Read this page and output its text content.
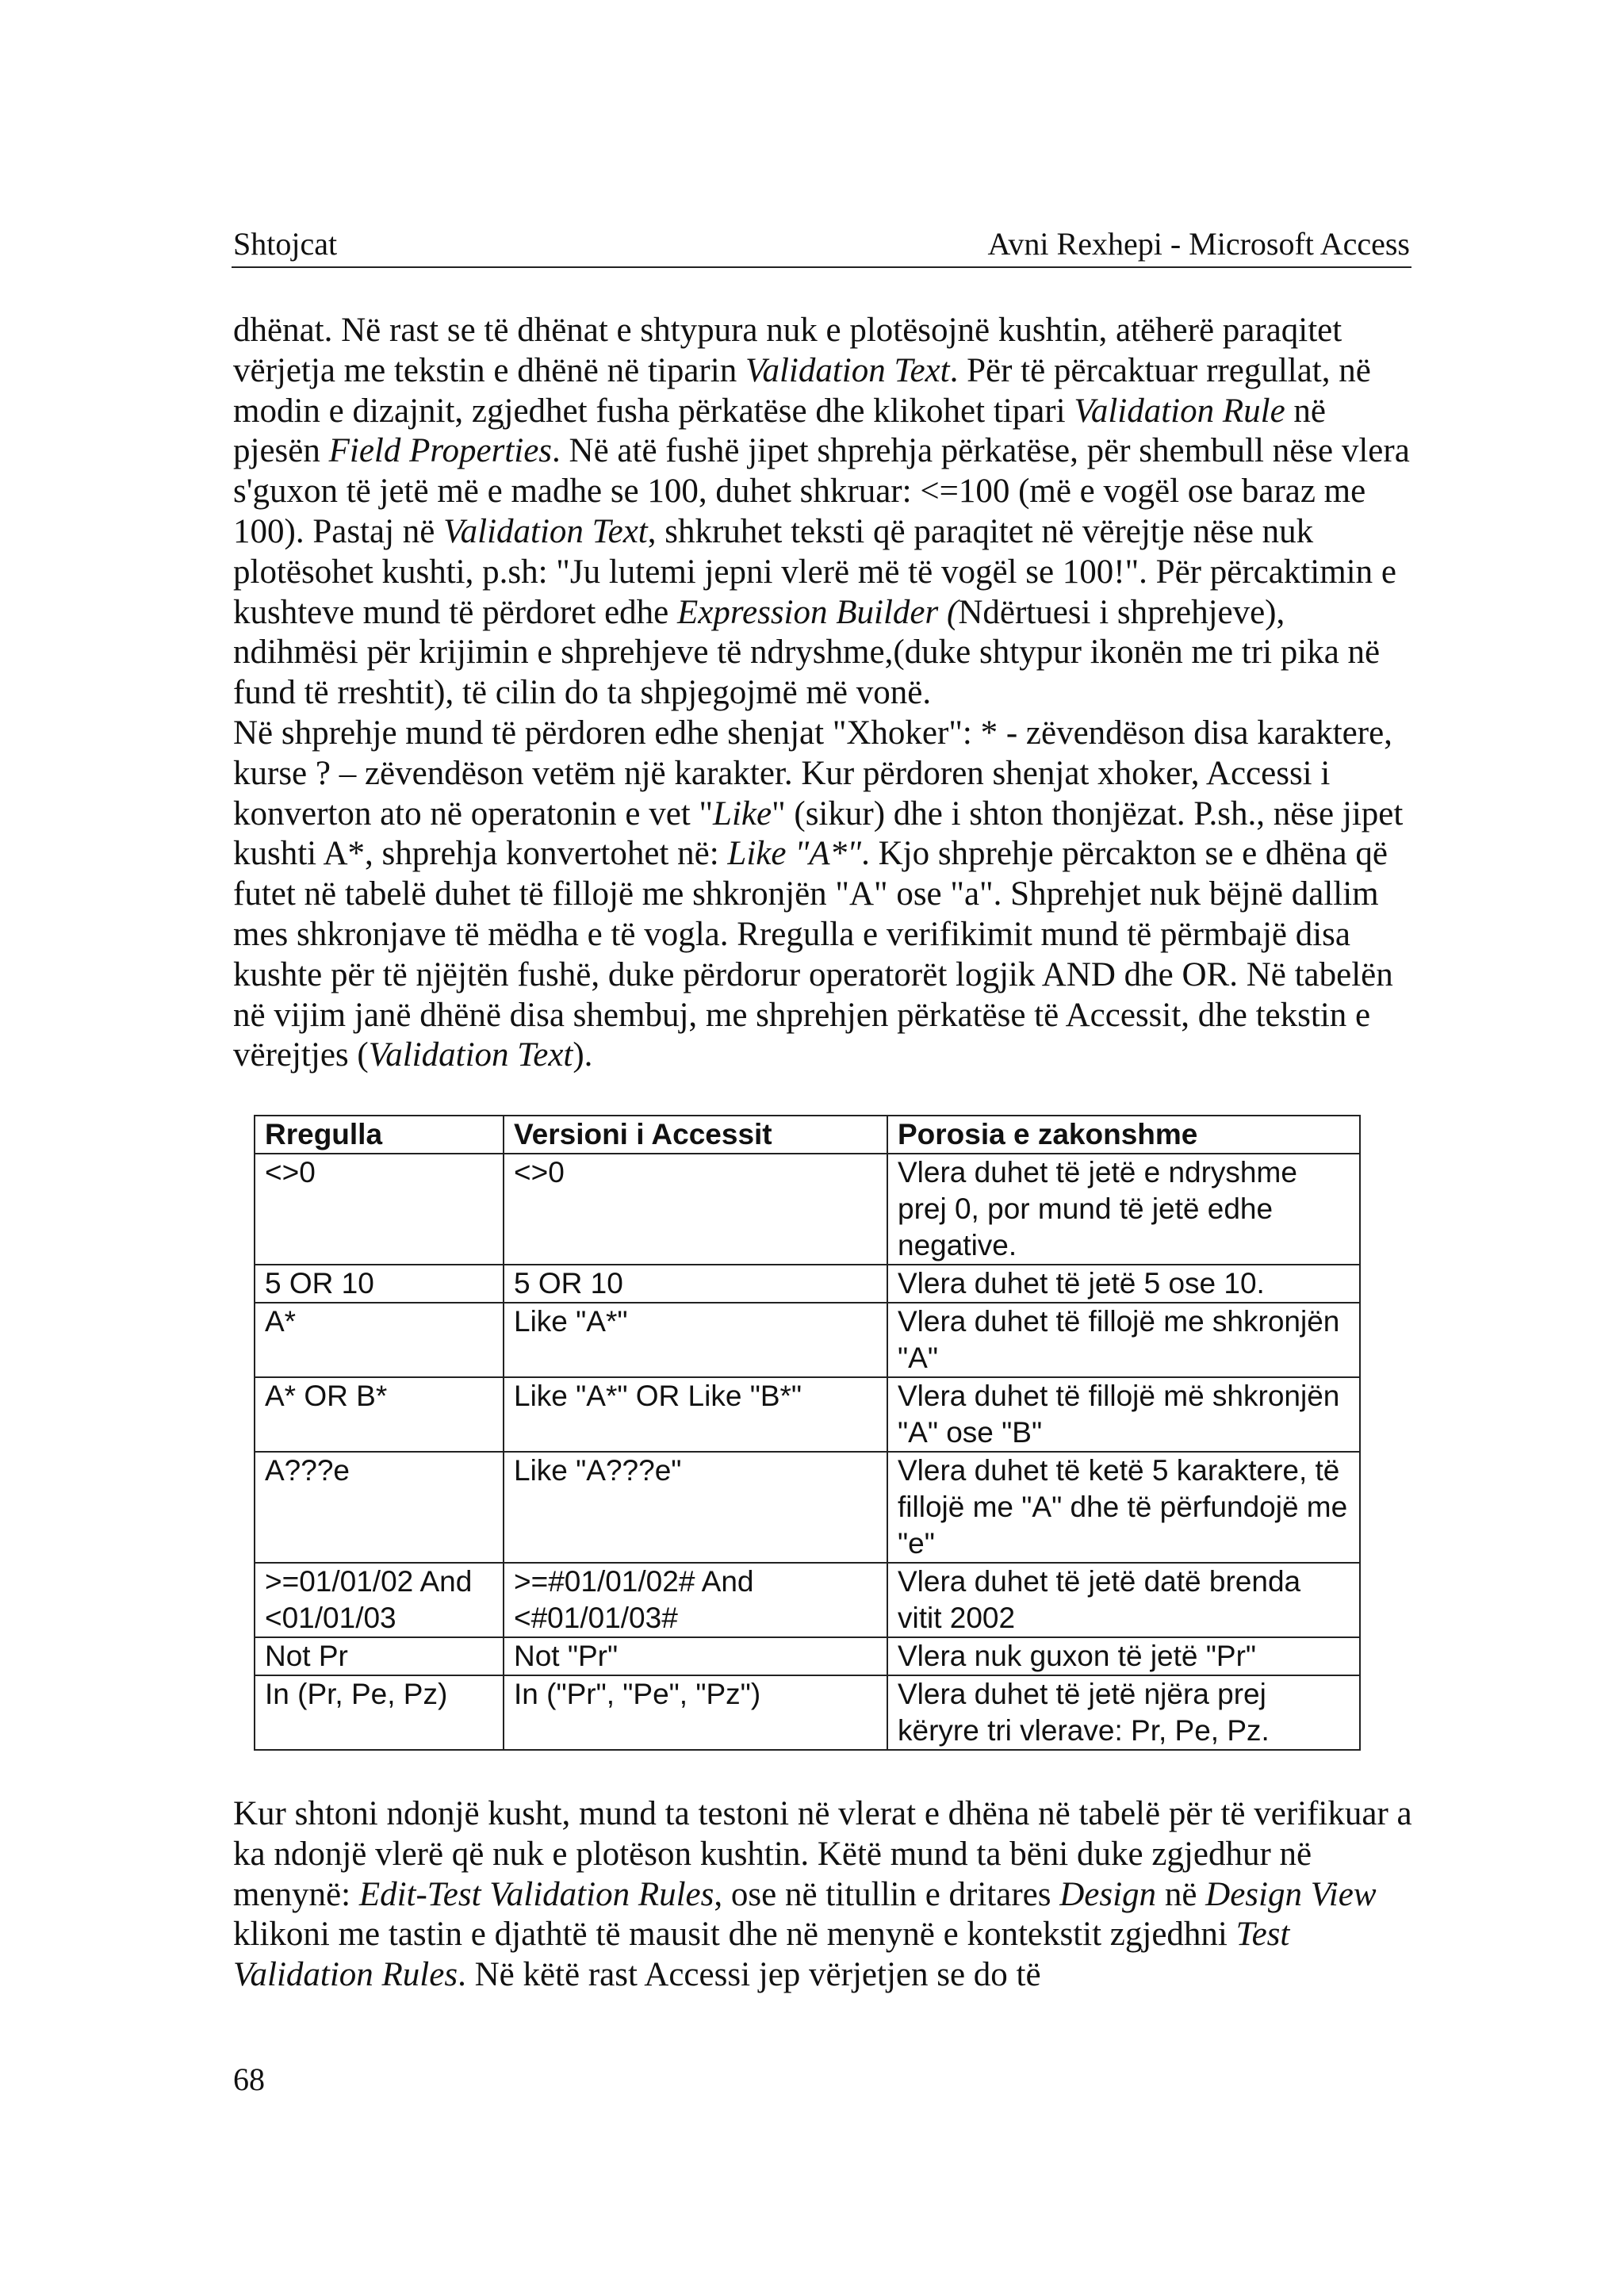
Shtojcat	Avni Rexhepi - Microsoft Access

dhënat. Në rast se të dhënat e shtypura nuk e plotësojnë kushtin, atëherë paraqitet vërjetja me tekstin e dhënë në tiparin Validation Text. Për të përcaktuar rregullat, në modin e dizajnit, zgjedhet fusha përkatëse dhe klikohet tipari Validation Rule në pjesën Field Properties. Në atë fushë jipet shprehja përkatëse, për shembull nëse vlera s'guxon të jetë më e madhe se 100, duhet shkruar: <=100 (më e vogël ose baraz me 100). Pastaj në Validation Text, shkruhet teksti që paraqitet në vërejtje nëse nuk plotësohet kushti, p.sh: "Ju lutemi jepni vlerë më të vogël se 100!". Për përcaktimin e kushteve mund të përdoret edhe Expression Builder (Ndërtuesi i shprehjeve), ndihmësi për krijimin e shprehjeve të ndryshme,(duke shtypur ikonën me tri pika në fund të rreshtit), të cilin do ta shpjegojmë më vonë.

Në shprehje mund të përdoren edhe shenjat "Xhoker": * - zëvendëson disa karaktere, kurse ? – zëvendëson vetëm një karakter. Kur përdoren shenjat xhoker, Accessi i konverton ato në operatonin e vet "Like" (sikur) dhe i shton thonjëzat. P.sh., nëse jipet kushti A*, shprehja konvertohet në: Like "A*". Kjo shprehje përcakton se e dhëna që futet në tabelë duhet të fillojë me shkronjën "A" ose "a". Shprehjet nuk bëjnë dallim mes shkronjave të mëdha e të vogla. Rregulla e verifikimit mund të përmbajë disa kushte për të njëjtën fushë, duke përdorur operatorët logjik AND dhe OR. Në tabelën në vijim janë dhënë disa shembuj, me shprehjen përkatëse të Accessit, dhe tekstin e vërejtjes (Validation Text).

Rregulla	Versioni i Accessit	Porosia e zakonshme
<>0	<>0	Vlera duhet të jetë e ndryshme prej 0, por mund të jetë edhe negative.
5 OR 10	5 OR 10	Vlera duhet të jetë 5 ose 10.
A*	Like "A*"	Vlera duhet të fillojë me shkronjën "A"
A* OR B*	Like "A*" OR Like "B*"	Vlera duhet të fillojë më shkronjën "A" ose "B"
A???e	Like "A???e"	Vlera duhet të ketë 5 karaktere, të fillojë me "A" dhe të përfundojë me "e"
>=01/01/02 And <01/01/03	>=#01/01/02# And <#01/01/03#	Vlera duhet të jetë datë brenda vitit 2002
Not Pr	Not "Pr"	Vlera nuk guxon të jetë "Pr"
In (Pr, Pe, Pz)	In ("Pr", "Pe", "Pz")	Vlera duhet të jetë njëra prej këryre tri vlerave: Pr, Pe, Pz.

Kur shtoni ndonjë kusht, mund ta testoni në vlerat e dhëna në tabelë për të verifikuar a ka ndonjë vlerë që nuk e plotëson kushtin. Këtë mund ta bëni duke zgjedhur në menynë: Edit-Test Validation Rules, ose në titullin e dritares Design në Design View klikoni me tastin e djathtë të mausit dhe në menynë e kontekstit zgjedhni Test Validation Rules. Në këtë rast Accessi jep vërjetjen se do të

68
